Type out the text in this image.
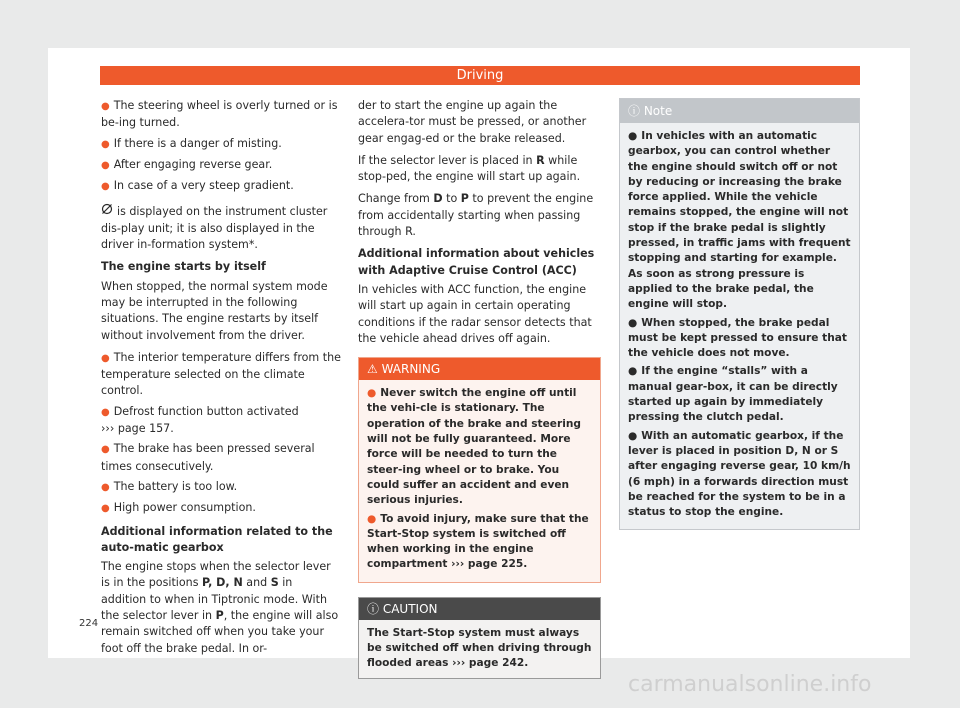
Driving
● The steering wheel is overly turned or is be-ing turned.
● If there is a danger of misting.
● After engaging reverse gear.
● In case of a very steep gradient.

is displayed on the instrument cluster dis-play unit; it is also displayed in the driver in-formation system*.

The engine starts by itself

When stopped, the normal system mode may be interrupted in the following situations. The engine restarts by itself without involvement from the driver.

● The interior temperature differs from the temperature selected on the climate control.
● Defrost function button activated
››› page 157.
● The brake has been pressed several times consecutively.
● The battery is too low.
● High power consumption.
Additional information related to the auto-matic gearbox

The engine stops when the selector lever is in the positions P, D, N and S in addition to when in Tiptronic mode. With the selector lever in P, the engine will also remain switched off when you take your foot off the brake pedal. In or-

der to start the engine up again the accelera-tor must be pressed, or another gear engag-ed or the brake released.

If the selector lever is placed in R while stop-ped, the engine will start up again.

Change from D to P to prevent the engine from accidentally starting when passing through R.

Additional information about vehicles with Adaptive Cruise Control (ACC)

In vehicles with ACC function, the engine will start up again in certain operating conditions if the radar sensor detects that the vehicle ahead drives off again.

⚠ WARNING
● Never switch the engine off until the vehi-cle is stationary. The operation of the brake and steering will not be fully guaranteed. More force will be needed to turn the steer-ing wheel or to brake. You could suffer an accident and even serious injuries.
● To avoid injury, make sure that the Start-Stop system is switched off when working in the engine compartment ››› page 225.
ⓘ CAUTION
The Start-Stop system must always be switched off when driving through flooded areas ››› page 242.
ⓘ Note
● In vehicles with an automatic gearbox, you can control whether the engine should switch off or not by reducing or increasing the brake force applied. While the vehicle remains stopped, the engine will not stop if the brake pedal is slightly pressed, in traffic jams with frequent stopping and starting for example. As soon as strong pressure is applied to the brake pedal, the engine will stop.
● When stopped, the brake pedal must be kept pressed to ensure that the vehicle does not move.
● If the engine “stalls” with a manual gear-box, it can be directly started up again by immediately pressing the clutch pedal.
● With an automatic gearbox, if the lever is placed in position D, N or S after engaging reverse gear, 10 km/h (6 mph) in a forwards direction must be reached for the system to be in a status to stop the engine.
224
carmanualsonline.info
